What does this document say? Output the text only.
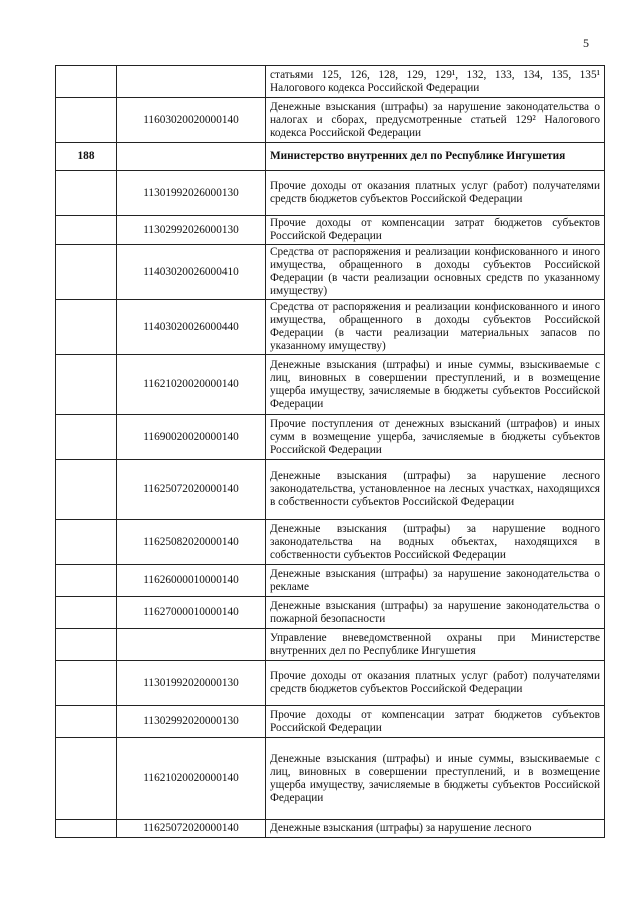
5
		статьями 125, 126, 128, 129, 129¹, 132, 133, 134, 135, 135¹ Налогового кодекса Российской Федерации
	11603020020000140	Денежные взыскания (штрафы) за нарушение законодательства о налогах и сборах, предусмотренные статьей 129² Налогового кодекса Российской Федерации
188		Министерство внутренних дел по Республике Ингушетия
	11301992026000130	Прочие доходы от оказания платных услуг (работ) получателями средств бюджетов субъектов Российской Федерации
	11302992026000130	Прочие доходы от компенсации затрат бюджетов субъектов Российской Федерации
	11403020026000410	Средства от распоряжения и реализации конфискованного и иного имущества, обращенного в доходы субъектов Российской Федерации (в части реализации основных средств по указанному имуществу)
	11403020026000440	Средства от распоряжения и реализации конфискованного и иного имущества, обращенного в доходы субъектов Российской Федерации (в части реализации материальных запасов по указанному имуществу)
	11621020020000140	Денежные взыскания (штрафы) и иные суммы, взыскиваемые с лиц, виновных в совершении преступлений, и в возмещение ущерба имуществу, зачисляемые в бюджеты субъектов Российской Федерации
	11690020020000140	Прочие поступления от денежных взысканий (штрафов) и иных сумм в возмещение ущерба, зачисляемые в бюджеты субъектов Российской Федерации
	11625072020000140	Денежные взыскания (штрафы) за нарушение лесного законодательства, установленное на лесных участках, находящихся в собственности субъектов Российской Федерации
	11625082020000140	Денежные взыскания (штрафы) за нарушение водного законодательства на водных объектах, находящихся в собственности субъектов Российской Федерации
	11626000010000140	Денежные взыскания (штрафы) за нарушение законодательства о рекламе
	11627000010000140	Денежные взыскания (штрафы) за нарушение законодательства о пожарной безопасности
		Управление вневедомственной охраны при Министерстве внутренних дел по Республике Ингушетия
	11301992020000130	Прочие доходы от оказания платных услуг (работ) получателями средств бюджетов субъектов Российской Федерации
	11302992020000130	Прочие доходы от компенсации затрат бюджетов субъектов Российской Федерации
	11621020020000140	Денежные взыскания (штрафы) и иные суммы, взыскиваемые с лиц, виновных в совершении преступлений, и в возмещение ущерба имуществу, зачисляемые в бюджеты субъектов Российской Федерации
	11625072020000140	Денежные взыскания (штрафы) за нарушение лесного
